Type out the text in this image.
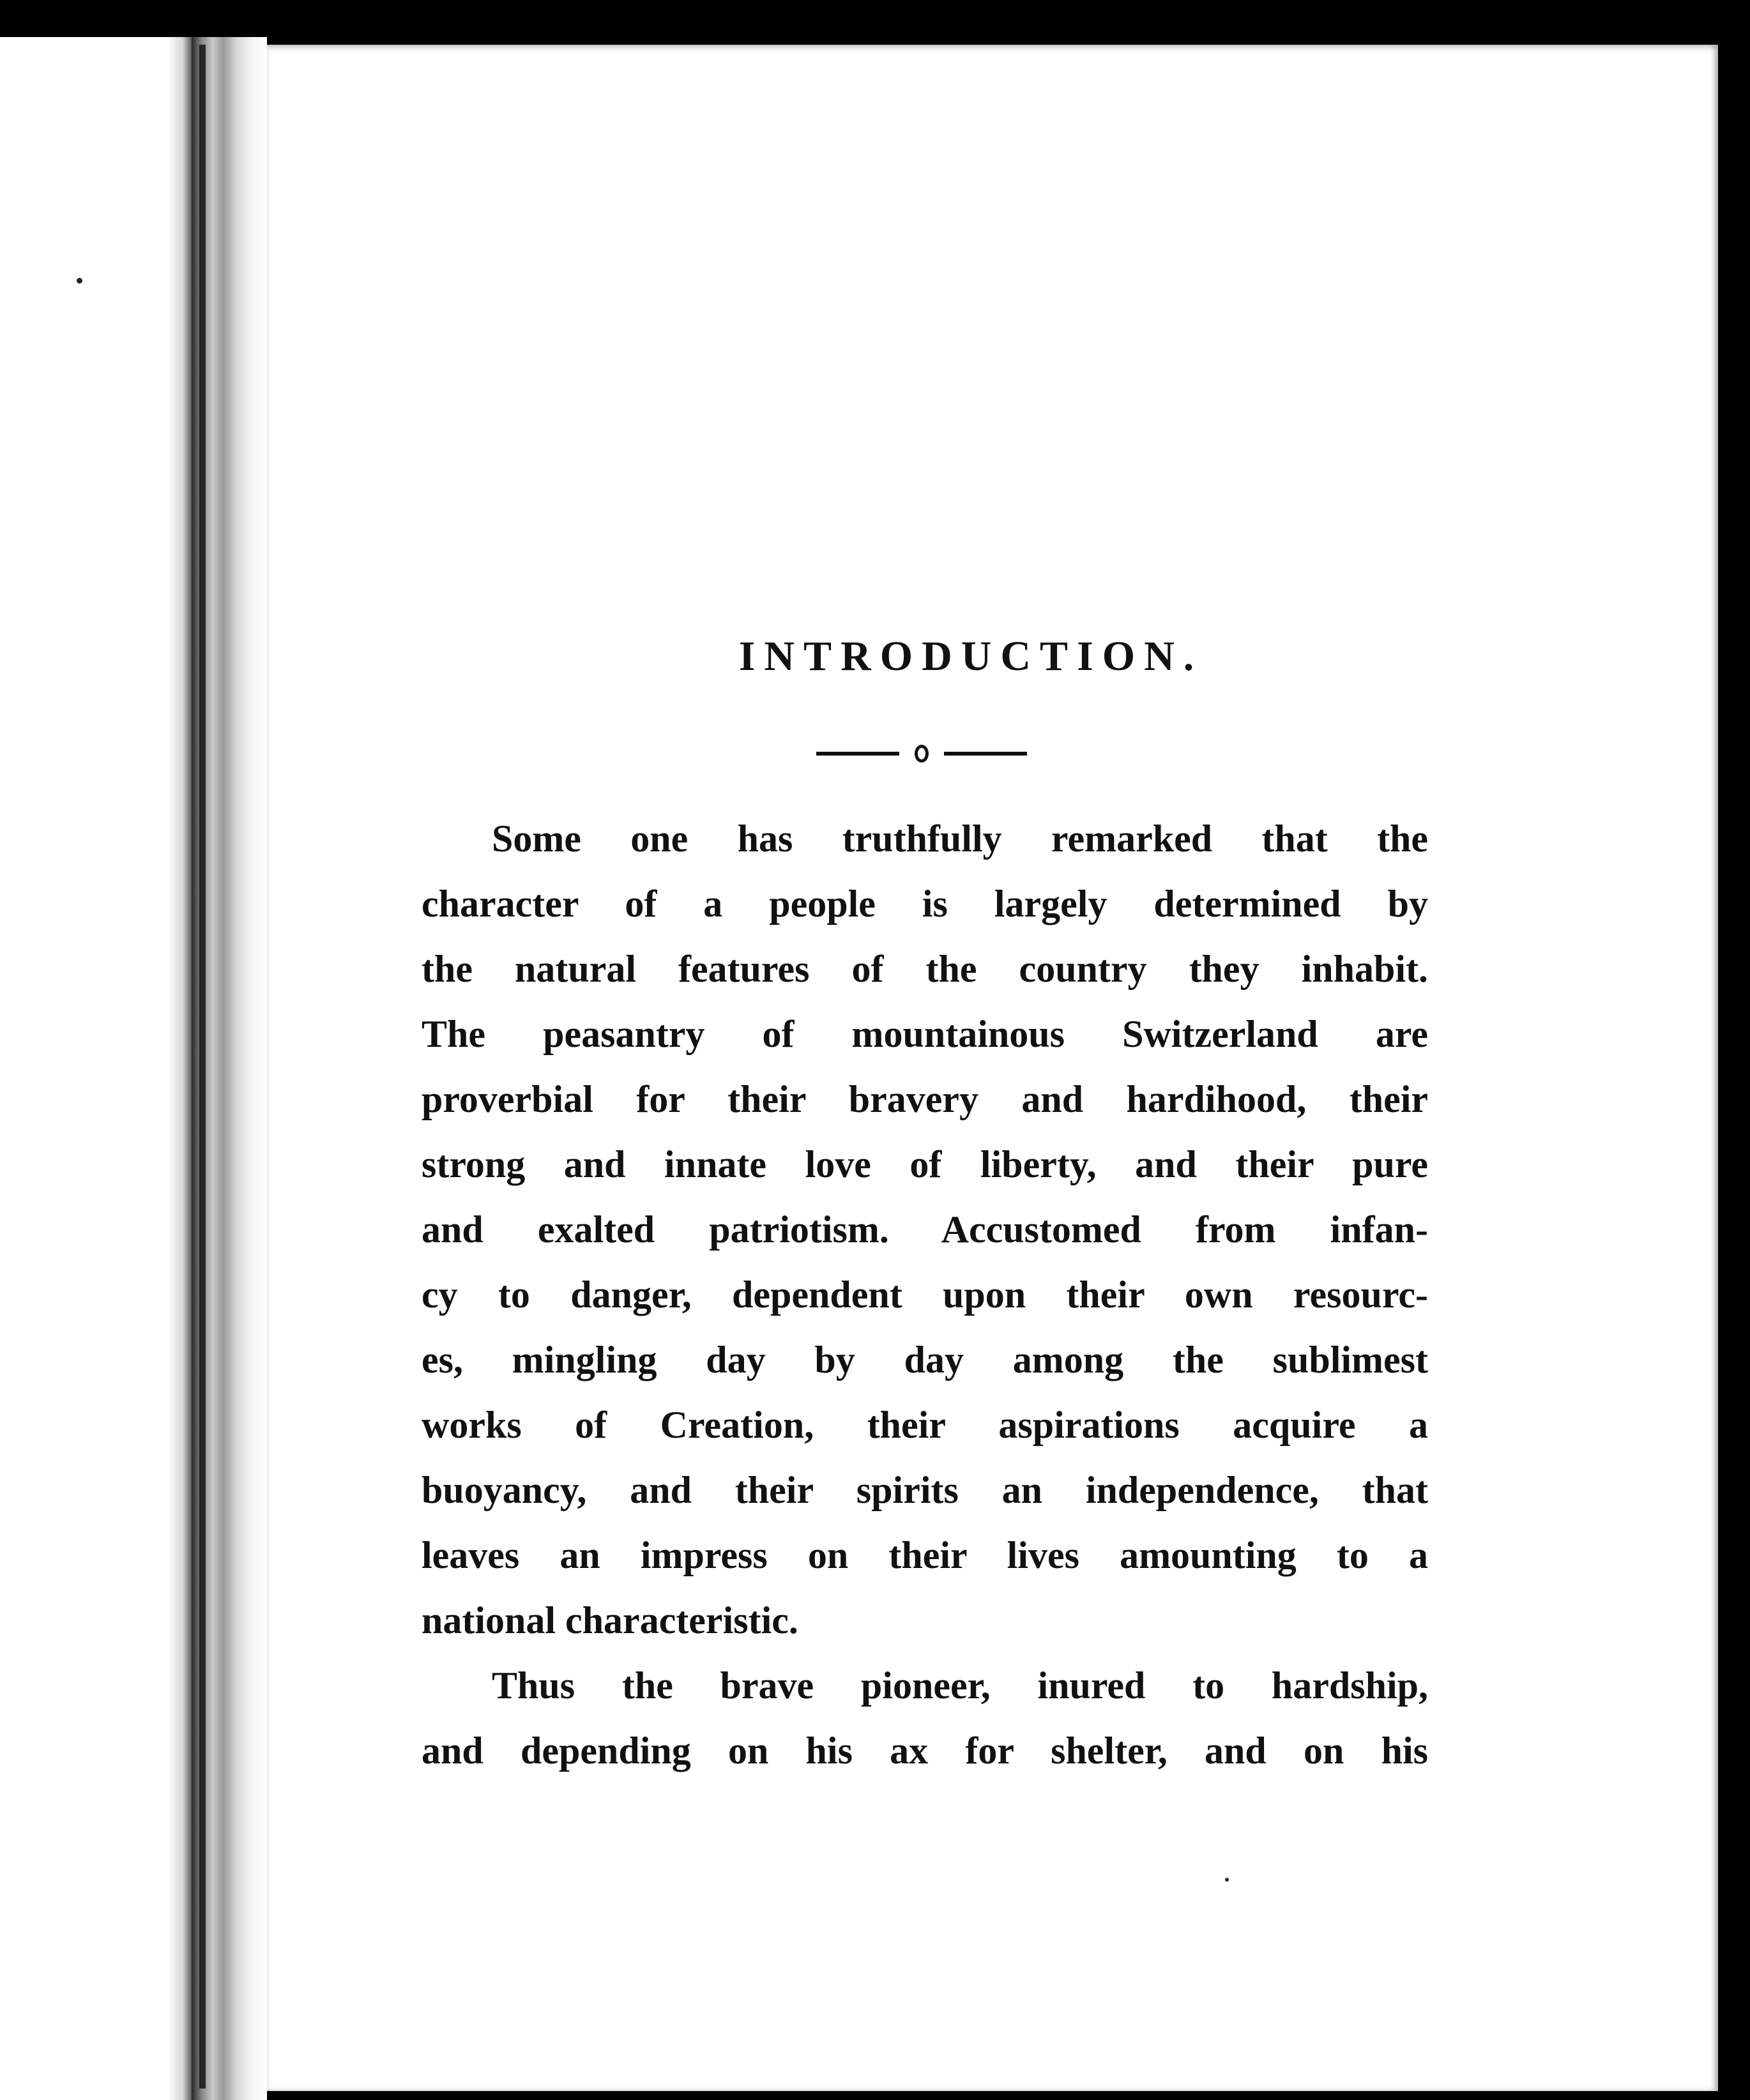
INTRODUCTION.
Some one has truthfully remarked that the
character of a people is largely determined by
the natural features of the country they inhabit.
The peasantry of mountainous Switzerland are
proverbial for their bravery and hardihood, their
strong and innate love of liberty, and their pure
and exalted patriotism. Accustomed from infan-
cy to danger, dependent upon their own resourc-
es, mingling day by day among the sublimest
works of Creation, their aspirations acquire a
buoyancy, and their spirits an independence, that
leaves an impress on their lives amounting to a
national characteristic.
Thus the brave pioneer, inured to hardship,
and depending on his ax for shelter, and on his
